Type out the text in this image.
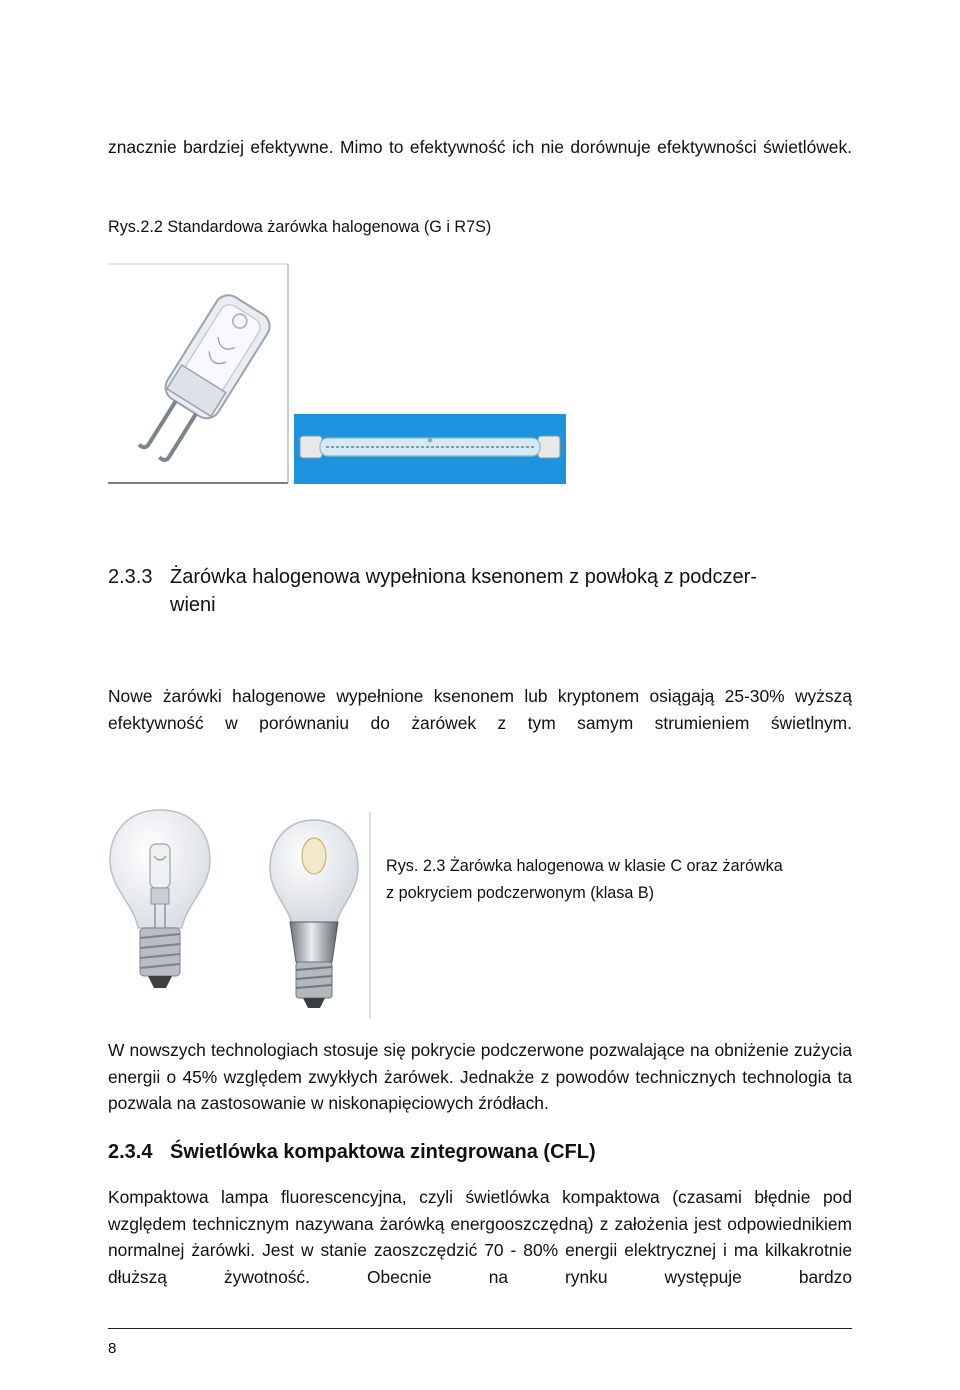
znacznie bardziej efektywne. Mimo to efektywność ich nie dorównuje efektywności świetlówek.

Rys.2.2 Standardowa żarówka halogenowa (G i R7S)
2.3.3 Żarówka halogenowa wypełniona ksenonem z powłoką z podczer-
wieni

Nowe żarówki halogenowe wypełnione ksenonem lub kryptonem osiągają 25-30% wyższą efektywność w porównaniu do żarówek z tym samym strumieniem świetlnym.

Rys. 2.3 Żarówka halogenowa w klasie C oraz żarówka
z pokryciem podczerwonym (klasa B)

W nowszych technologiach stosuje się pokrycie podczerwone pozwalające na obniżenie zużycia energii o 45% względem zwykłych żarówek. Jednakże z powodów technicznych technologia ta pozwala na zastosowanie w niskonapięciowych źródłach.

2.3.4 Świetlówka kompaktowa zintegrowana (CFL)

Kompaktowa lampa fluorescencyjna, czyli świetlówka kompaktowa (czasami błędnie pod względem technicznym nazywana żarówką energooszczędną) z założenia jest odpowiednikiem normalnej żarówki. Jest w stanie zaoszczędzić 70 - 80% energii elektrycznej i ma kilkakrotnie dłuższą żywotność. Obecnie na rynku występuje bardzo

8
